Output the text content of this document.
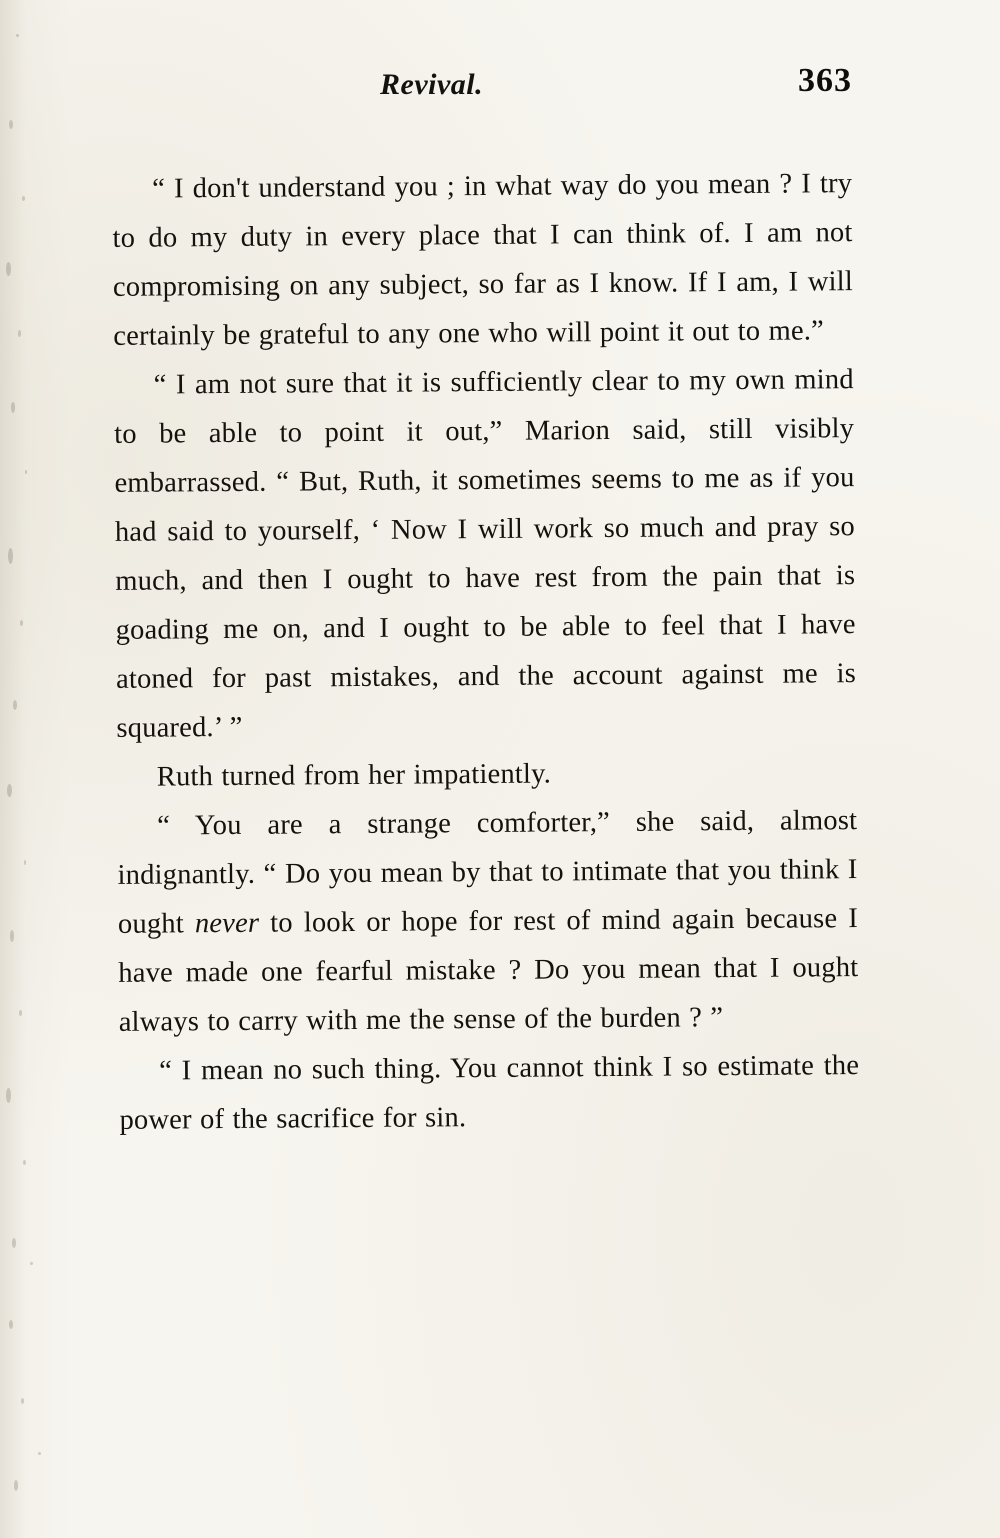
Revival.	363

“ I don't understand you ; in what way do you mean ? I try to do my duty in every place that I can think of. I am not compromising on any subject, so far as I know. If I am, I will certainly be grateful to any one who will point it out to me.”

“ I am not sure that it is sufficiently clear to my own mind to be able to point it out,” Marion said, still visibly embarrassed. “ But, Ruth, it sometimes seems to me as if you had said to yourself, ‘ Now I will work so much and pray so much, and then I ought to have rest from the pain that is goading me on, and I ought to be able to feel that I have atoned for past mistakes, and the account against me is squared.’ ”

Ruth turned from her impatiently.

“ You are a strange comforter,” she said, almost indignantly. “ Do you mean by that to intimate that you think I ought never to look or hope for rest of mind again because I have made one fearful mistake ? Do you mean that I ought always to carry with me the sense of the burden ? ”

“ I mean no such thing. You cannot think I so estimate the power of the sacrifice for sin.
